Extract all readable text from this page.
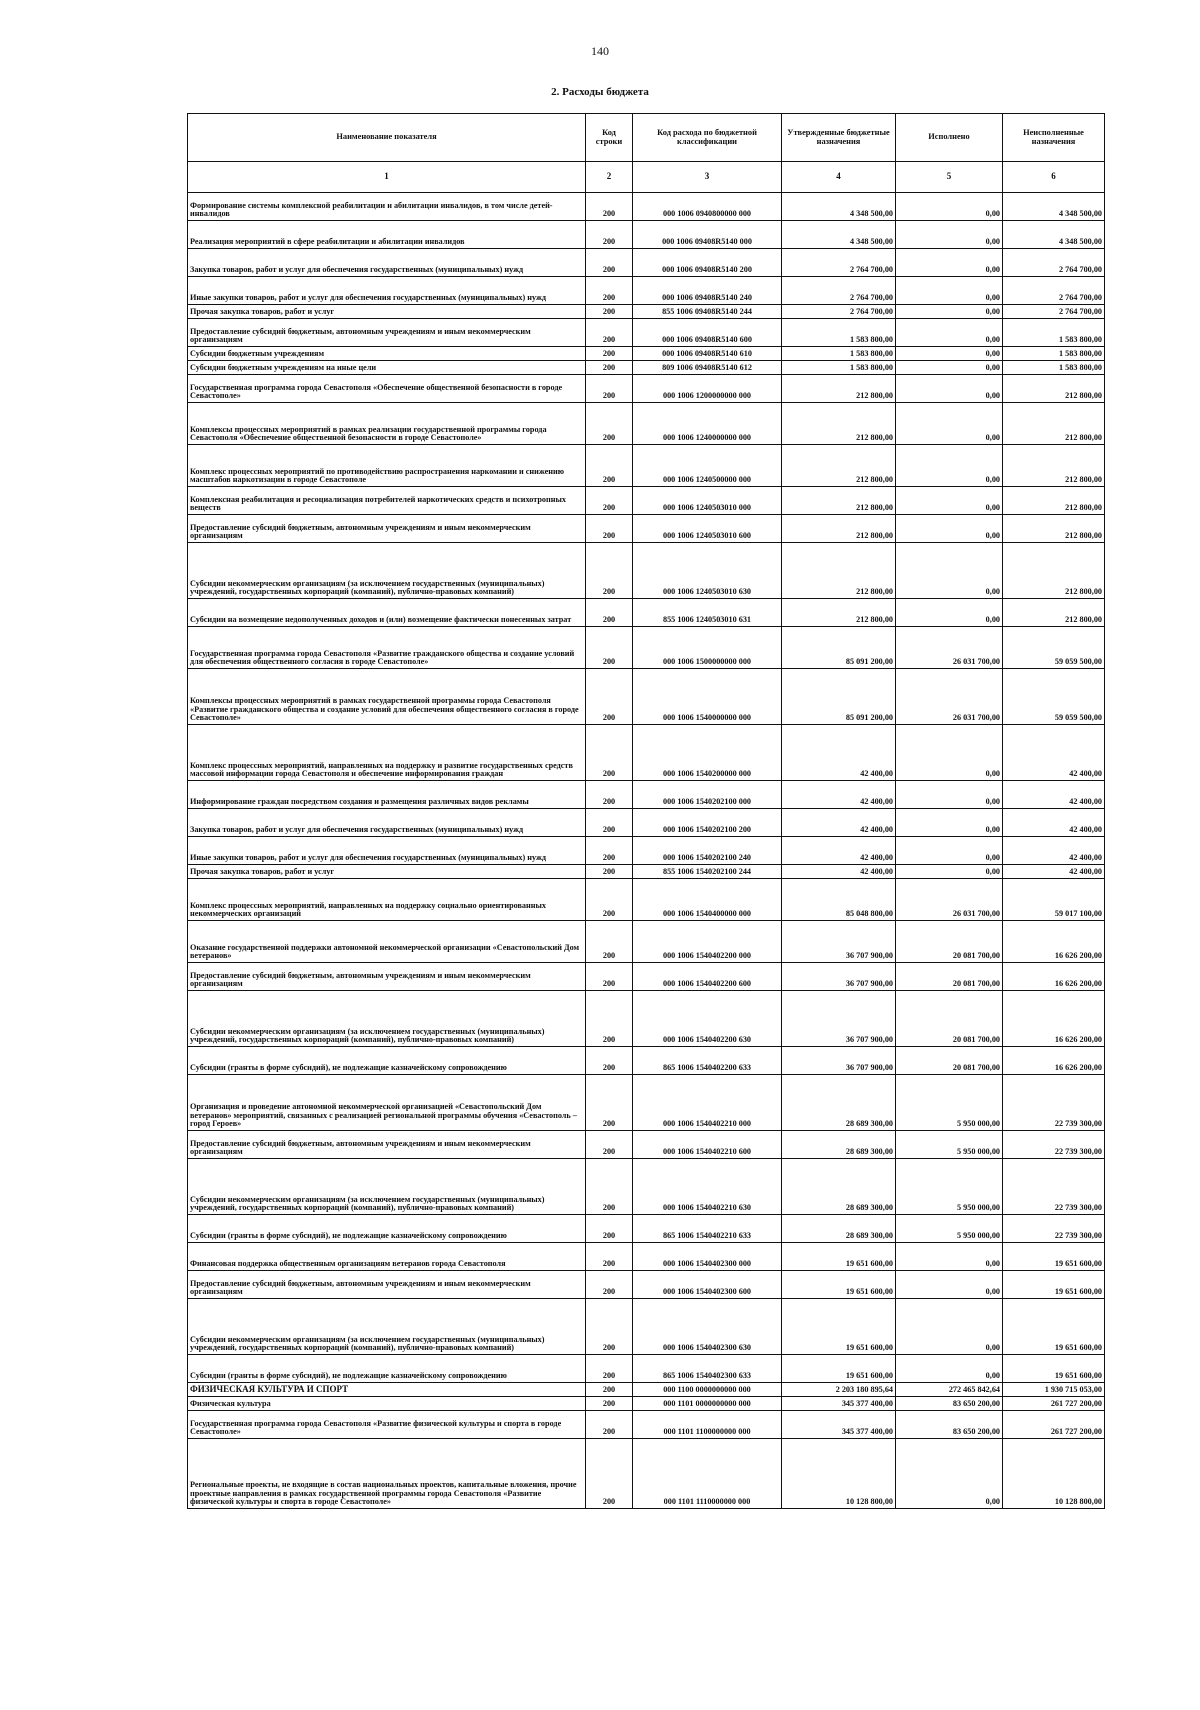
140
2. Расходы бюджета
Наименование показателя	Код строки	Код расхода по бюджетной классификации	Утвержденные бюджетные назначения	Исполнено	Неисполненные назначения
1	2	3	4	5	6
Формирование системы комплексной реабилитации и абилитации инвалидов, в том числе детей-инвалидов	200	000 1006 0940800000 000	4 348 500,00	0,00	4 348 500,00
Реализация мероприятий в сфере реабилитации и абилитации инвалидов	200	000 1006 09408R5140 000	4 348 500,00	0,00	4 348 500,00
Закупка товаров, работ и услуг для обеспечения государственных (муниципальных) нужд	200	000 1006 09408R5140 200	2 764 700,00	0,00	2 764 700,00
Иные закупки товаров, работ и услуг для обеспечения государственных (муниципальных) нужд	200	000 1006 09408R5140 240	2 764 700,00	0,00	2 764 700,00
Прочая закупка товаров, работ и услуг	200	855 1006 09408R5140 244	2 764 700,00	0,00	2 764 700,00
Предоставление субсидий бюджетным, автономным учреждениям и иным некоммерческим организациям	200	000 1006 09408R5140 600	1 583 800,00	0,00	1 583 800,00
Субсидии бюджетным учреждениям	200	000 1006 09408R5140 610	1 583 800,00	0,00	1 583 800,00
Субсидии бюджетным учреждениям на иные цели	200	809 1006 09408R5140 612	1 583 800,00	0,00	1 583 800,00
Государственная программа города Севастополя «Обеспечение общественной безопасности в городе Севастополе»	200	000 1006 1200000000 000	212 800,00	0,00	212 800,00
Комплексы процессных мероприятий в рамках реализации государственной программы города Севастополя «Обеспечение общественной безопасности в городе Севастополе»	200	000 1006 1240000000 000	212 800,00	0,00	212 800,00
Комплекс процессных мероприятий по противодействию распространения наркомании и снижению масштабов наркотизации в городе Севастополе	200	000 1006 1240500000 000	212 800,00	0,00	212 800,00
Комплексная реабилитация и ресоциализация потребителей наркотических средств и психотропных веществ	200	000 1006 1240503010 000	212 800,00	0,00	212 800,00
Предоставление субсидий бюджетным, автономным учреждениям и иным некоммерческим организациям	200	000 1006 1240503010 600	212 800,00	0,00	212 800,00
Субсидии некоммерческим организациям (за исключением государственных (муниципальных) учреждений, государственных корпораций (компаний), публично-правовых компаний)	200	000 1006 1240503010 630	212 800,00	0,00	212 800,00
Субсидии на возмещение недополученных доходов и (или) возмещение фактически понесенных затрат	200	855 1006 1240503010 631	212 800,00	0,00	212 800,00
Государственная программа города Севастополя «Развитие гражданского общества и создание условий для обеспечения общественного согласия в городе Севастополе»	200	000 1006 1500000000 000	85 091 200,00	26 031 700,00	59 059 500,00
Комплексы процессных мероприятий в рамках государственной программы города Севастополя «Развитие гражданского общества и создание условий для обеспечения общественного согласия в городе Севастополе»	200	000 1006 1540000000 000	85 091 200,00	26 031 700,00	59 059 500,00
Комплекс процессных мероприятий, направленных на поддержку и развитие государственных средств массовой информации города Севастополя и обеспечение информирования граждан	200	000 1006 1540200000 000	42 400,00	0,00	42 400,00
Информирование граждан посредством создания и размещения различных видов рекламы	200	000 1006 1540202100 000	42 400,00	0,00	42 400,00
Закупка товаров, работ и услуг для обеспечения государственных (муниципальных) нужд	200	000 1006 1540202100 200	42 400,00	0,00	42 400,00
Иные закупки товаров, работ и услуг для обеспечения государственных (муниципальных) нужд	200	000 1006 1540202100 240	42 400,00	0,00	42 400,00
Прочая закупка товаров, работ и услуг	200	855 1006 1540202100 244	42 400,00	0,00	42 400,00
Комплекс процессных мероприятий, направленных на поддержку социально ориентированных некоммерческих организаций	200	000 1006 1540400000 000	85 048 800,00	26 031 700,00	59 017 100,00
Оказание государственной поддержки автономной некоммерческой организации «Севастопольский Дом ветеранов»	200	000 1006 1540402200 000	36 707 900,00	20 081 700,00	16 626 200,00
Предоставление субсидий бюджетным, автономным учреждениям и иным некоммерческим организациям	200	000 1006 1540402200 600	36 707 900,00	20 081 700,00	16 626 200,00
Субсидии некоммерческим организациям (за исключением государственных (муниципальных) учреждений, государственных корпораций (компаний), публично-правовых компаний)	200	000 1006 1540402200 630	36 707 900,00	20 081 700,00	16 626 200,00
Субсидии (гранты в форме субсидий), не подлежащие казначейскому сопровождению	200	865 1006 1540402200 633	36 707 900,00	20 081 700,00	16 626 200,00
Организация и проведение автономной некоммерческой организацией «Севастопольский Дом ветеранов» мероприятий, связанных с реализацией региональной программы обучения «Севастополь – город Героев»	200	000 1006 1540402210 000	28 689 300,00	5 950 000,00	22 739 300,00
Предоставление субсидий бюджетным, автономным учреждениям и иным некоммерческим организациям	200	000 1006 1540402210 600	28 689 300,00	5 950 000,00	22 739 300,00
Субсидии некоммерческим организациям (за исключением государственных (муниципальных) учреждений, государственных корпораций (компаний), публично-правовых компаний)	200	000 1006 1540402210 630	28 689 300,00	5 950 000,00	22 739 300,00
Субсидии (гранты в форме субсидий), не подлежащие казначейскому сопровождению	200	865 1006 1540402210 633	28 689 300,00	5 950 000,00	22 739 300,00
Финансовая поддержка общественным организациям ветеранов города Севастополя	200	000 1006 1540402300 000	19 651 600,00	0,00	19 651 600,00
Предоставление субсидий бюджетным, автономным учреждениям и иным некоммерческим организациям	200	000 1006 1540402300 600	19 651 600,00	0,00	19 651 600,00
Субсидии некоммерческим организациям (за исключением государственных (муниципальных) учреждений, государственных корпораций (компаний), публично-правовых компаний)	200	000 1006 1540402300 630	19 651 600,00	0,00	19 651 600,00
Субсидии (гранты в форме субсидий), не подлежащие казначейскому сопровождению	200	865 1006 1540402300 633	19 651 600,00	0,00	19 651 600,00
ФИЗИЧЕСКАЯ КУЛЬТУРА И СПОРТ	200	000 1100 0000000000 000	2 203 180 895,64	272 465 842,64	1 930 715 053,00
Физическая культура	200	000 1101 0000000000 000	345 377 400,00	83 650 200,00	261 727 200,00
Государственная программа города Севастополя «Развитие физической культуры и спорта в городе Севастополе»	200	000 1101 1100000000 000	345 377 400,00	83 650 200,00	261 727 200,00
Региональные проекты, не входящие в состав национальных проектов, капитальные вложения, прочие проектные направления в рамках государственной программы города Севастополя «Развитие физической культуры и спорта в городе Севастополе»	200	000 1101 1110000000 000	10 128 800,00	0,00	10 128 800,00
